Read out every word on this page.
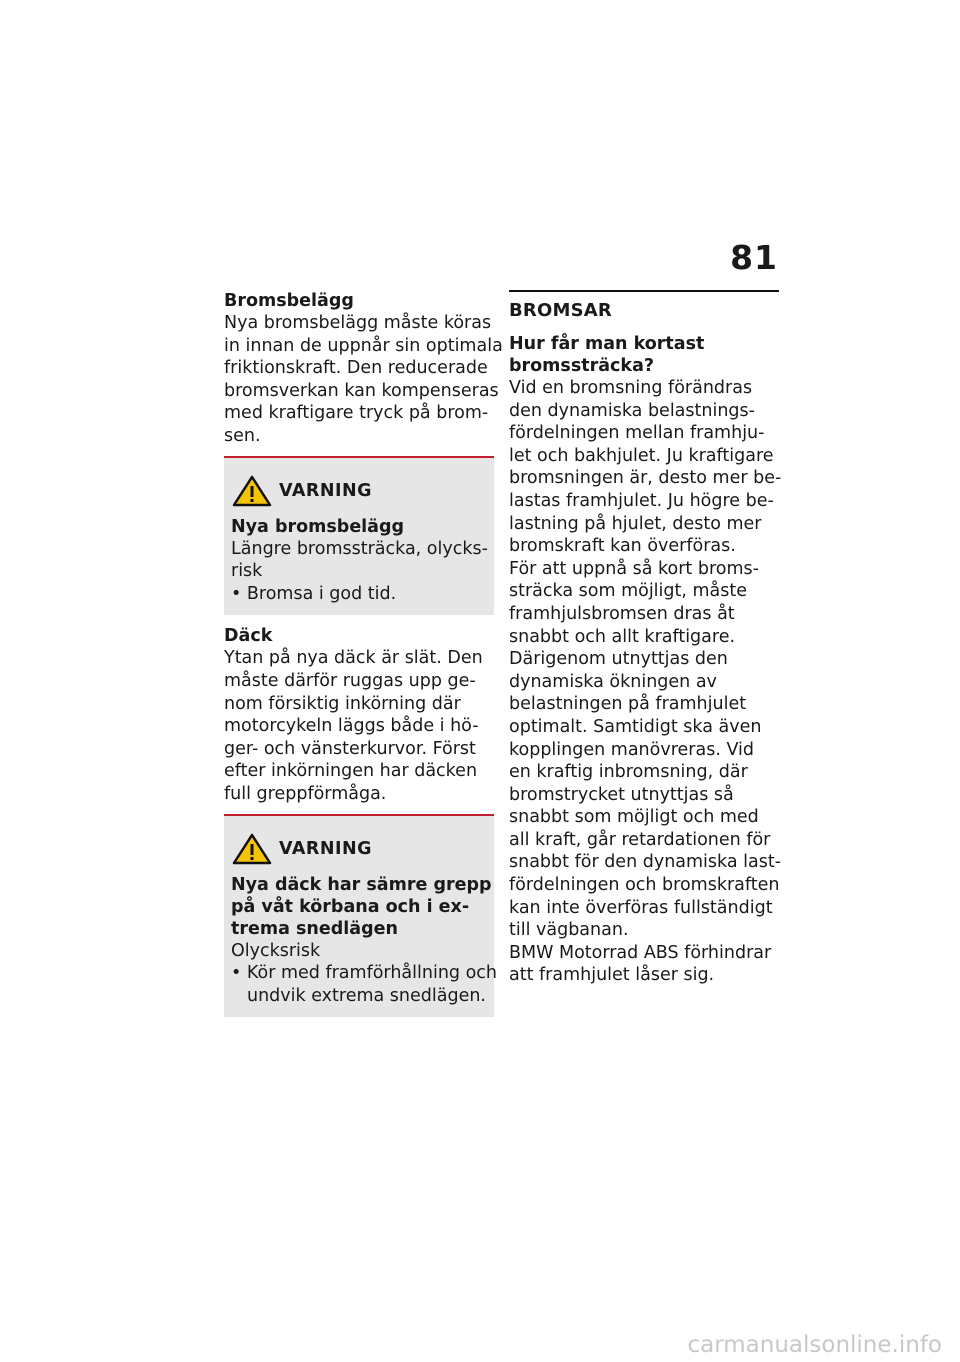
81

Bromsbelägg

Nya bromsbelägg måste köras
in innan de uppnår sin optimala
friktionskraft. Den reducerade
bromsverkan kan kompenseras
med kraftigare tryck på brom-
sen.

VARNING

Nya bromsbelägg

Längre bromssträcka, olycks-
risk
• Bromsa i god tid.

Däck

Ytan på nya däck är slät. Den
måste därför ruggas upp ge-
nom försiktig inkörning där
motorcykeln läggs både i hö-
ger- och vänsterkurvor. Först
efter inkörningen har däcken
full greppförmåga.

VARNING

Nya däck har sämre grepp
på våt körbana och i ex-
trema snedlägen

Olycksrisk
• Kör med framförhållning och
undvik extrema snedlägen.

BROMSAR

Hur får man kortast bromssträcka?

Vid en bromsning förändras
den dynamiska belastnings-
fördelningen mellan framhju-
let och bakhjulet. Ju kraftigare
bromsningen är, desto mer be-
lastas framhjulet. Ju högre be-
lastning på hjulet, desto mer
bromskraft kan överföras.
För att uppnå så kort broms-
sträcka som möjligt, måste
framhjulsbromsen dras åt
snabbt och allt kraftigare.
Därigenom utnyttjas den
dynamiska ökningen av
belastningen på framhjulet
optimalt. Samtidigt ska även
kopplingen manövreras. Vid
en kraftig inbromsning, där
bromstrycket utnyttjas så
snabbt som möjligt och med
all kraft, går retardationen för
snabbt för den dynamiska last-
fördelningen och bromskraften
kan inte överföras fullständigt
till vägbanan.
BMW Motorrad ABS förhindrar
att framhjulet låser sig.

carmanualsonline.info
